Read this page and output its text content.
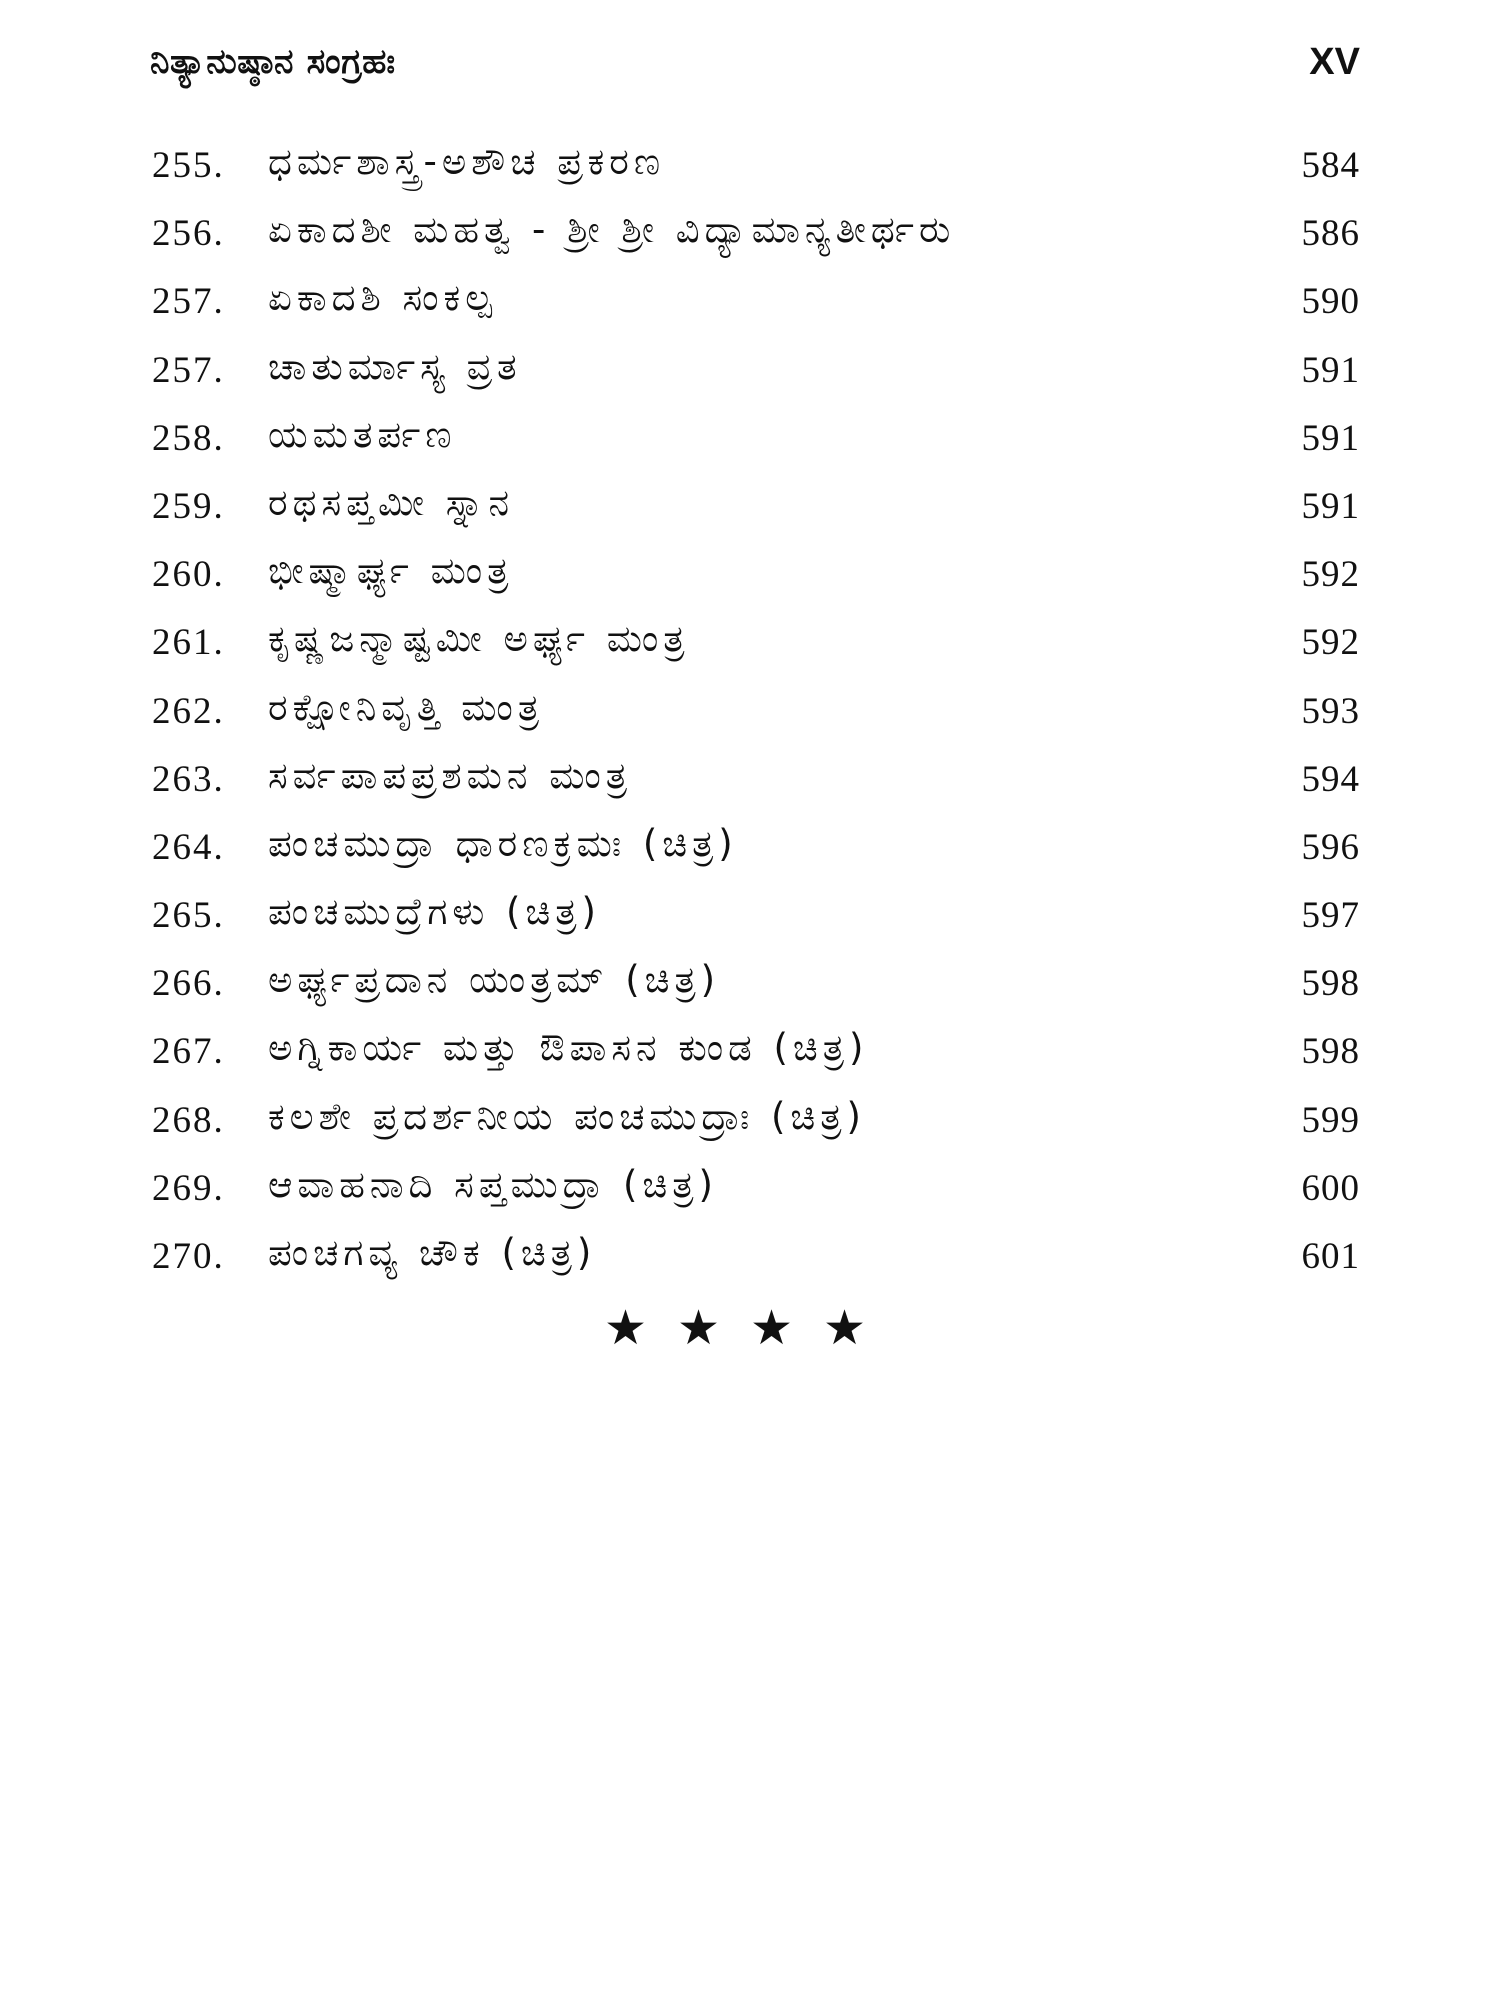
ನಿತ್ಯಾನುಷ್ಠಾನ ಸಂಗ್ರಹಃ	XV
255. ಧರ್ಮಶಾಸ್ತ್ರ-ಅಶೌಚ ಪ್ರಕರಣ	584
256. ಏಕಾದಶೀ ಮಹತ್ವ - ಶ್ರೀ ಶ್ರೀ ವಿದ್ಯಾಮಾನ್ಯತೀರ್ಥರು	586
257. ಏಕಾದಶಿ ಸಂಕಲ್ಪ	590
257. ಚಾತುರ್ಮಾಸ್ಯ ವ್ರತ	591
258. ಯಮತರ್ಪಣ	591
259. ರಥಸಪ್ತಮೀ ಸ್ನಾನ	591
260. ಭೀಷ್ಮಾರ್ಘ್ಯ ಮಂತ್ರ	592
261. ಕೃಷ್ಣಜನ್ಮಾಷ್ಟಮೀ ಅರ್ಘ್ಯ ಮಂತ್ರ	592
262. ರಕ್ಷೋನಿವೃತ್ತಿ ಮಂತ್ರ	593
263. ಸರ್ವಪಾಪಪ್ರಶಮನ ಮಂತ್ರ	594
264. ಪಂಚಮುದ್ರಾ ಧಾರಣಕ್ರಮಃ (ಚಿತ್ರ)	596
265. ಪಂಚಮುದ್ರೆಗಳು (ಚಿತ್ರ)	597
266. ಅರ್ಘ್ಯಪ್ರದಾನ ಯಂತ್ರಮ್ (ಚಿತ್ರ)	598
267. ಅಗ್ನಿಕಾರ್ಯ ಮತ್ತು ಔಪಾಸನ ಕುಂಡ (ಚಿತ್ರ)	598
268. ಕಲಶೇ ಪ್ರದರ್ಶನೀಯ ಪಂಚಮುದ್ರಾಃ (ಚಿತ್ರ)	599
269. ಆವಾಹನಾದಿ ಸಪ್ತಮುದ್ರಾ (ಚಿತ್ರ)	600
270. ಪಂಚಗವ್ಯ ಚೌಕ (ಚಿತ್ರ)	601
★★★★
